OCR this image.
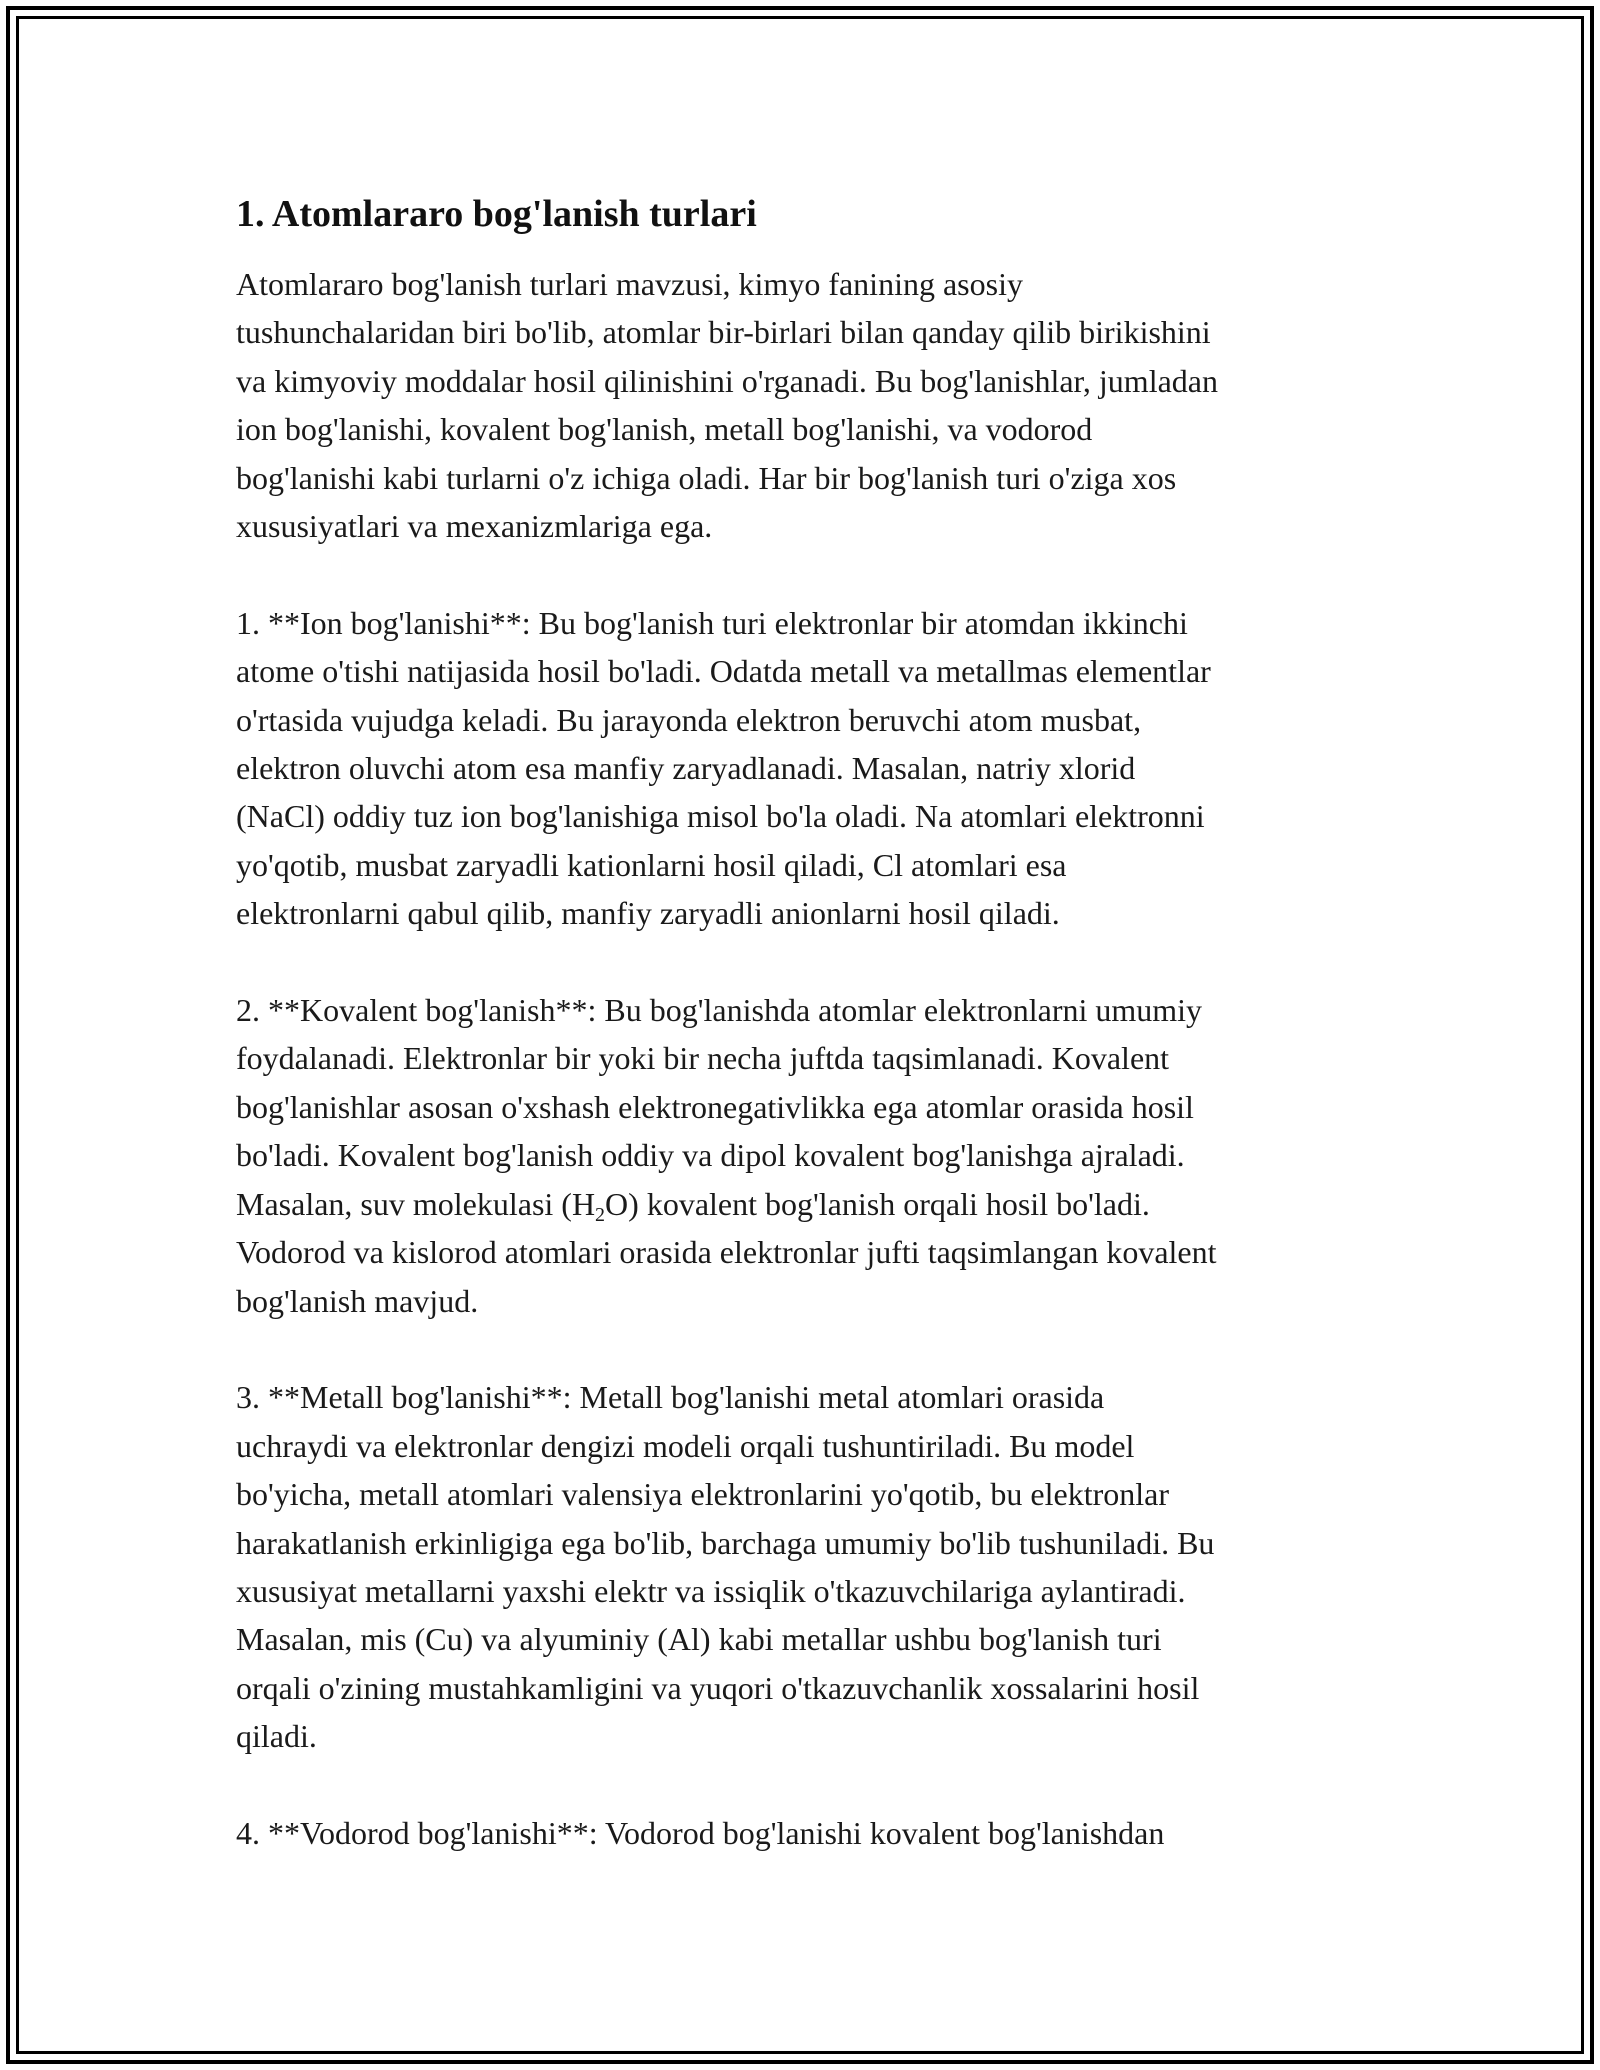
1. Atomlararo bog'lanish turlari

Atomlararo bog'lanish turlari mavzusi, kimyo fanining asosiy
tushunchalaridan biri bo'lib, atomlar bir-birlari bilan qanday qilib birikishini
va kimyoviy moddalar hosil qilinishini o'rganadi. Bu bog'lanishlar, jumladan
ion bog'lanishi, kovalent bog'lanish, metall bog'lanishi, va vodorod
bog'lanishi kabi turlarni o'z ichiga oladi. Har bir bog'lanish turi o'ziga xos
xususiyatlari va mexanizmlariga ega.

1. **Ion bog'lanishi**: Bu bog'lanish turi elektronlar bir atomdan ikkinchi
atome o'tishi natijasida hosil bo'ladi. Odatda metall va metallmas elementlar
o'rtasida vujudga keladi. Bu jarayonda elektron beruvchi atom musbat,
elektron oluvchi atom esa manfiy zaryadlanadi. Masalan, natriy xlorid
(NaCl) oddiy tuz ion bog'lanishiga misol bo'la oladi. Na atomlari elektronni
yo'qotib, musbat zaryadli kationlarni hosil qiladi, Cl atomlari esa
elektronlarni qabul qilib, manfiy zaryadli anionlarni hosil qiladi.

2. **Kovalent bog'lanish**: Bu bog'lanishda atomlar elektronlarni umumiy
foydalanadi. Elektronlar bir yoki bir necha juftda taqsimlanadi. Kovalent
bog'lanishlar asosan o'xshash elektronegativlikka ega atomlar orasida hosil
bo'ladi. Kovalent bog'lanish oddiy va dipol kovalent bog'lanishga ajraladi.
Masalan, suv molekulasi $(H_2O)$ kovalent bog'lanish orqali hosil bo'ladi.
Vodorod va kislorod atomlari orasida elektronlar jufti taqsimlangan kovalent
bog'lanish mavjud.

3. **Metall bog'lanishi**: Metall bog'lanishi metal atomlari orasida
uchraydi va elektronlar dengizi modeli orqali tushuntiriladi. Bu model
bo'yicha, metall atomlari valensiya elektronlarini yo'qotib, bu elektronlar
harakatlanish erkinligiga ega bo'lib, barchaga umumiy bo'lib tushuniladi. Bu
xususiyat metallarni yaxshi elektr va issiqlik o'tkazuvchilariga aylantiradi.
Masalan, mis (Cu) va alyuminiy (Al) kabi metallar ushbu bog'lanish turi
orqali o'zining mustahkamligini va yuqori o'tkazuvchanlik xossalarini hosil
qiladi.

4. **Vodorod bog'lanishi**: Vodorod bog'lanishi kovalent bog'lanishdan
